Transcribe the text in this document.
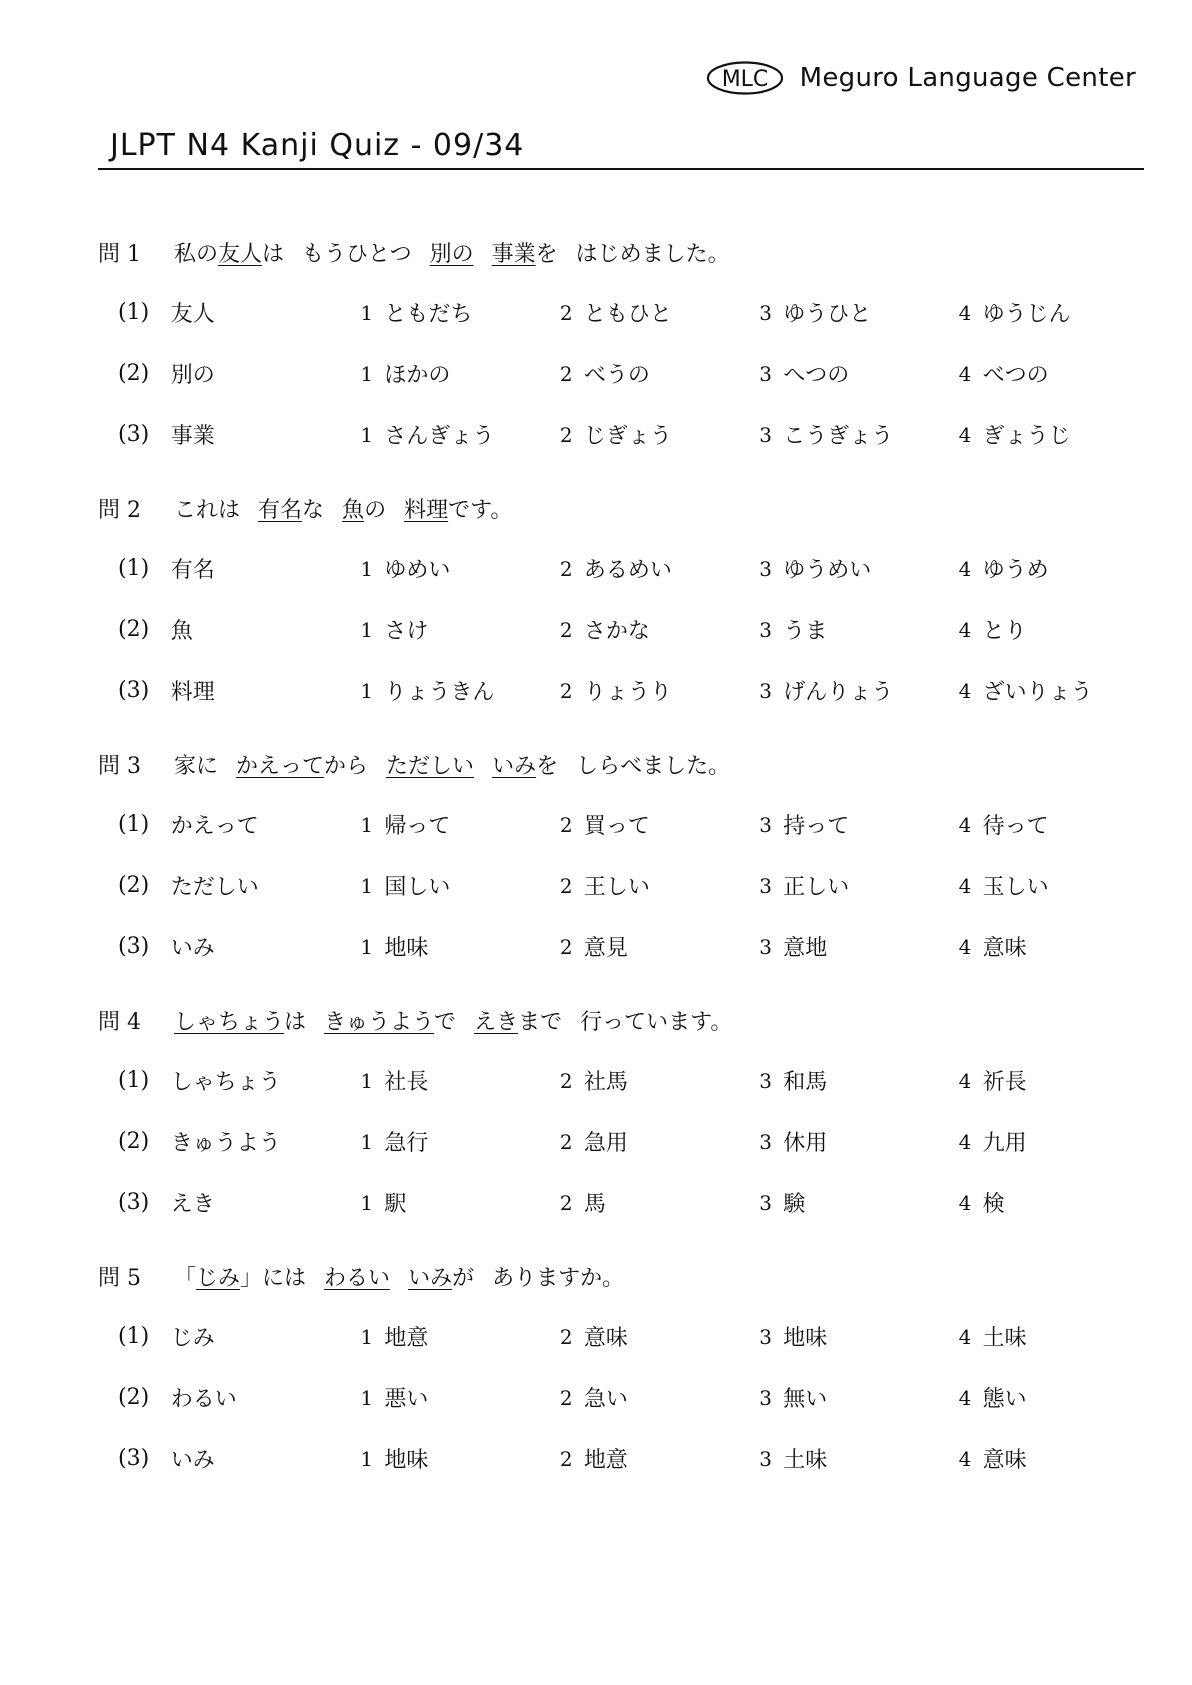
MLC Meguro Language Center
JLPT N4 Kanji Quiz - 09/34
問 1	私の 友人 は もうひとつ 別の 事業 を はじめました。
(1) 友人	1 ともだち	2 ともひと	3 ゆうひと	4 ゆうじん
(2) 別の	1 ほかの	2 べうの	3 へつの	4 べつの
(3) 事業	1 さんぎょう	2 じぎょう	3 こうぎょう	4 ぎょうじ
問 2	これは 有名 な 魚 の 料理 です。
(1) 有名	1 ゆめい	2 あるめい	3 ゆうめい	4 ゆうめ
(2) 魚	1 さけ	2 さかな	3 うま	4 とり
(3) 料理	1 りょうきん	2 りょうり	3 げんりょう	4 ざいりょう
問 3	家に かえって から ただしい いみ を しらべました。
(1) かえって	1 帰って	2 買って	3 持って	4 待って
(2) ただしい	1 国しい	2 王しい	3 正しい	4 玉しい
(3) いみ	1 地味	2 意見	3 意地	4 意味
問 4	しゃちょう は きゅうよう で えき まで 行っています。
(1) しゃちょう	1 社長	2 社馬	3 和馬	4 祈長
(2) きゅうよう	1 急行	2 急用	3 休用	4 九用
(3) えき	1 駅	2 馬	3 験	4 検
問 5	「 じみ 」には わるい いみ が ありますか。
(1) じみ	1 地意	2 意味	3 地味	4 土味
(2) わるい	1 悪い	2 急い	3 無い	4 態い
(3) いみ	1 地味	2 地意	3 土味	4 意味
